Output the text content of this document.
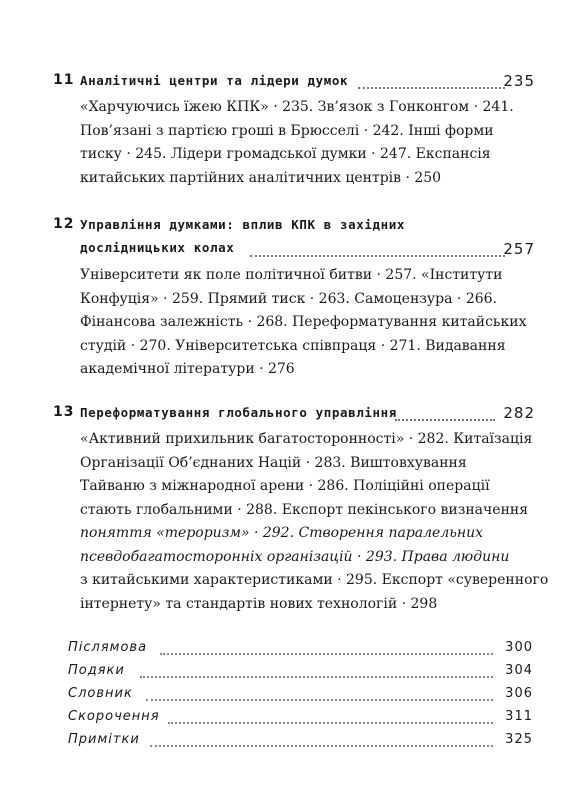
11 Аналітичні центри та лідери думок	235
«Харчуючись їжею КПК» · 235. Зв’язок з Гонконгом · 241.
Пов’язані з партією гроші в Брюсселі · 242. Інші форми
тиску · 245. Лідери громадської думки · 247. Експансія
китайських партійних аналітичних центрів · 250
12 Управління думками: вплив КПК в західних
дослідницьких колах	257
Університети як поле політичної битви · 257. «Інститути
Конфуція» · 259. Прямий тиск · 263. Самоцензура · 266.
Фінансова залежність · 268. Переформатування китайських
студій · 270. Університетська співпраця · 271. Видавання
академічної літератури · 276
13 Переформатування глобального управління	282
«Активний прихильник багатосторонності» · 282. Китаїзація
Організації Об’єднаних Націй · 283. Виштовхування
Тайваню з міжнародної арени · 286. Поліційні операції
стають глобальними · 288. Експорт пекінського визначення
поняття «тероризм» · 292. Створення паралельних
псевдобагатосторонніх організацій · 293. Права людини
з китайськими характеристиками · 295. Експорт «суверенного
інтернету» та стандартів нових технологій · 298
Післямова	300
Подяки	304
Словник	306
Скорочення	311
Примітки	325
